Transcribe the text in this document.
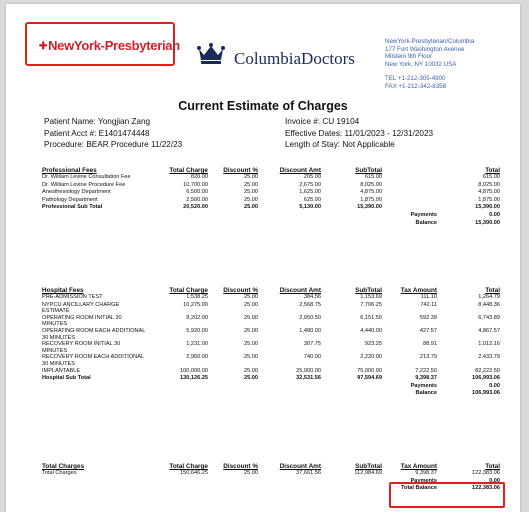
✚NewYork-Presbyterian
ColumbiaDoctors
NewYork-Presbyterian/Columbia
177 Fort Washington Avenue
Milstein 9th Floor
New York, NY 10032 USA
TEL +1-212-305-4900
FAX +1-212-342-8358
Current Estimate of Charges
Patient Name: Yongjian Zang
Patient Acct #: E1401474448
Procedure: BEAR Procedure 11/22/23
Invoice #: CU 19104
Effective Dates: 11/01/2023 - 12/31/2023
Length of Stay: Not Applicable
Professional Fees	Total Charge	Discount %	Discount Amt	SubTotal		Total
Dr. William Levine Consultation Fee	820.00	25.00	205.00	615.00		615.00
Dr. William Levine Procedure Fee	10,700.00	25.00	2,675.00	8,025.00		8,025.00
Anesthesiology Department	6,500.00	25.00	1,625.00	4,875.00		4,875.00
Pathology Department	2,500.00	25.00	625.00	1,875.00		1,875.00
Professional Sub Total	20,520.00	25.00	5,130.00	15,390.00		15,390.00
					Payments	0.00
					Balance	15,390.00
Hospital Fees	Total Charge	Discount %	Discount Amt	SubTotal	Tax Amount	Total
PRE-ADMISSION TEST	1,538.25	25.00	384.56	1,153.69	111.10	1,264.79
NYPCU ANCILLARY CHARGE ESTIMATE	10,275.00	25.00	2,568.75	7,706.25	742.11	8,448.36
OPERATING ROOM INITIAL 30 MINUTES	8,202.00	25.00	2,050.50	6,151.50	592.39	6,743.89
OPERATING ROOM EACH ADDITIONAL 30 MINUTES	5,920.00	25.00	1,480.00	4,440.00	427.57	4,867.57
RECOVERY ROOM INITIAL 30 MINUTES	1,231.00	25.00	307.75	923.25	88.91	1,012.16
RECOVERY ROOM EACH ADDITIONAL 30 MINUTES	2,960.00	25.00	740.00	2,220.00	213.79	2,433.79
IMPLANTABLE	100,000.00	25.00	25,000.00	75,000.00	7,222.50	82,222.50
Hospital Sub Total	130,126.25	25.00	32,531.56	97,594.69	9,398.37	106,993.06
					Payments	0.00
					Balance	106,993.06
Total Charges	Total Charge	Discount %	Discount Amt	SubTotal	Tax Amount	Total
Total Charges	150,646.25	25.00	37,661.56	112,984.69	9,398.37	122,383.06
					Payments	0.00
					Total Balance	122,383.06
